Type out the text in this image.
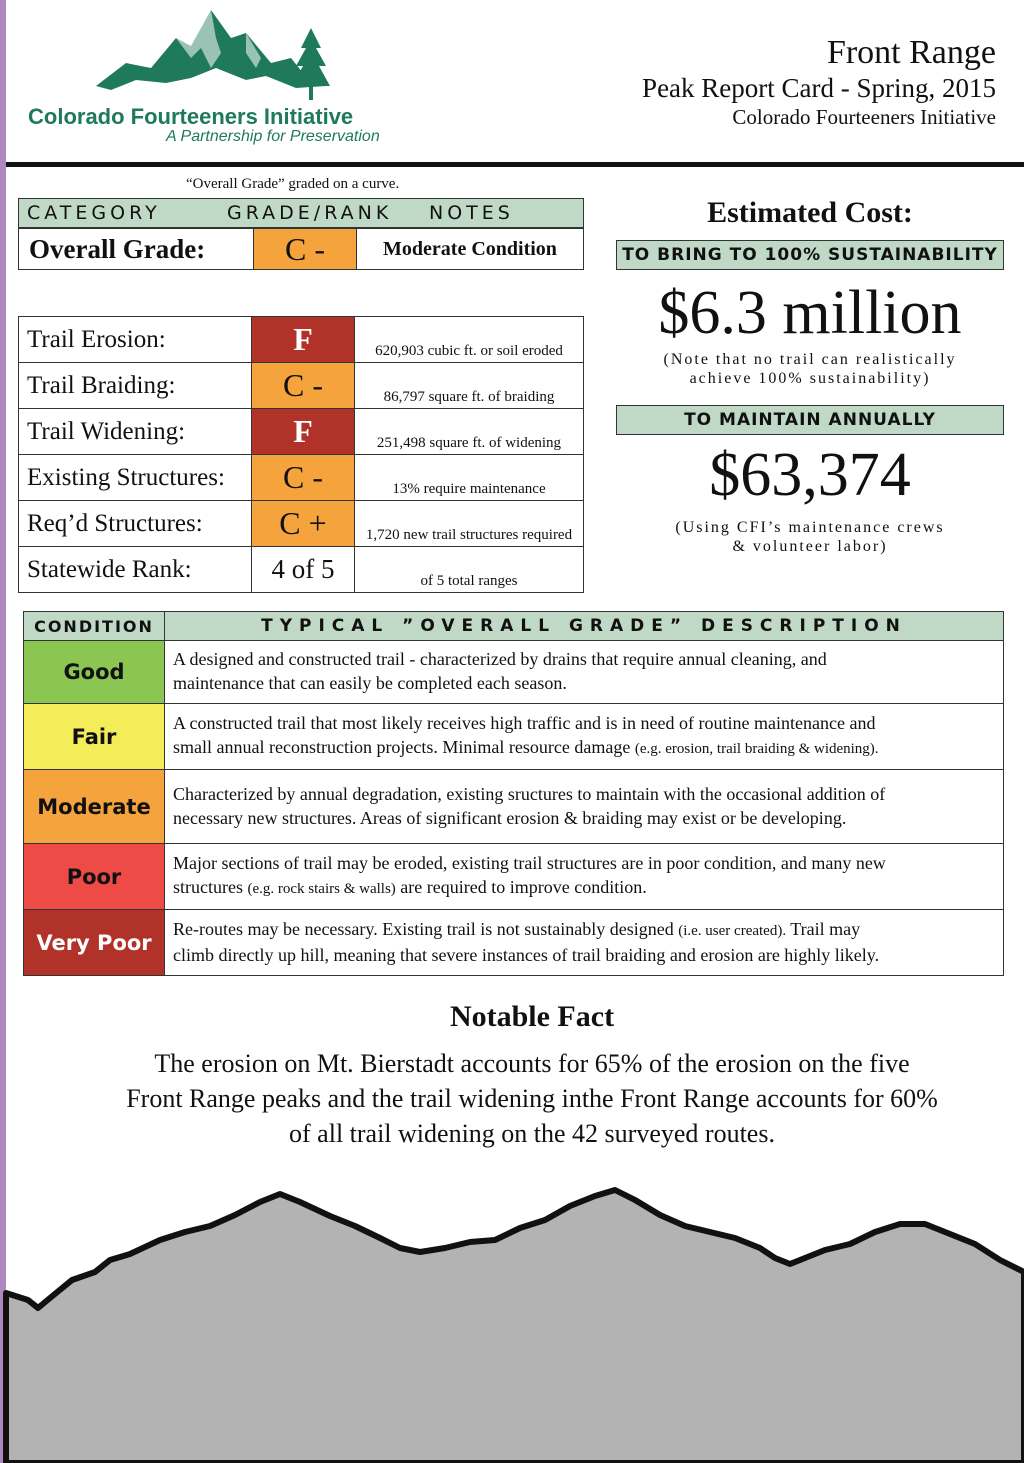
Colorado Fourteeners Initiative
A Partnership for Preservation
Front Range
Peak Report Card - Spring, 2015
Colorado Fourteeners Initiative
“Overall Grade” graded on a curve.
CATEGORY	GRADE/RANK NOTES
Overall Grade:	C -	Moderate Condition
Trail Erosion:	F	620,903 cubic ft. or soil eroded
Trail Braiding:	C -	86,797 square ft. of braiding
Trail Widening:	F	251,498 square ft. of widening
Existing Structures:	C -	13% require maintenance
Req’d Structures:	C +	1,720 new trail structures required
Statewide Rank:	4 of 5	of 5 total ranges
Estimated Cost:
TO BRING TO 100% SUSTAINABILITY
$6.3 million
(Note that no trail can realistically
achieve 100% sustainability)
TO MAINTAIN ANNUALLY
$63,374
(Using CFI’s maintenance crews
& volunteer labor)
CONDITION	TYPICAL ”OVERALL GRADE” DESCRIPTION
Good	A designed and constructed trail - characterized by drains that require annual cleaning, and
maintenance that can easily be completed each season.

Fair	A constructed trail that most likely receives high traffic and is in need of routine maintenance and
small annual reconstruction projects. Minimal resource damage (e.g. erosion, trail braiding & widening).

Moderate	Characterized by annual degradation, existing sructures to maintain with the occasional addition of
necessary new structures. Areas of significant erosion & braiding may exist or be developing.

Poor	Major sections of trail may be eroded, existing trail structures are in poor condition, and many new
structures (e.g. rock stairs & walls) are required to improve condition.

Very Poor	Re-routes may be necessary. Existing trail is not sustainably designed (i.e. user created). Trail may
climb directly up hill, meaning that severe instances of trail braiding and erosion are highly likely.
Notable Fact
The erosion on Mt. Bierstadt accounts for 65% of the erosion on the five
Front Range peaks and the trail widening inthe Front Range accounts for 60%
of all trail widening on the 42 surveyed routes.
